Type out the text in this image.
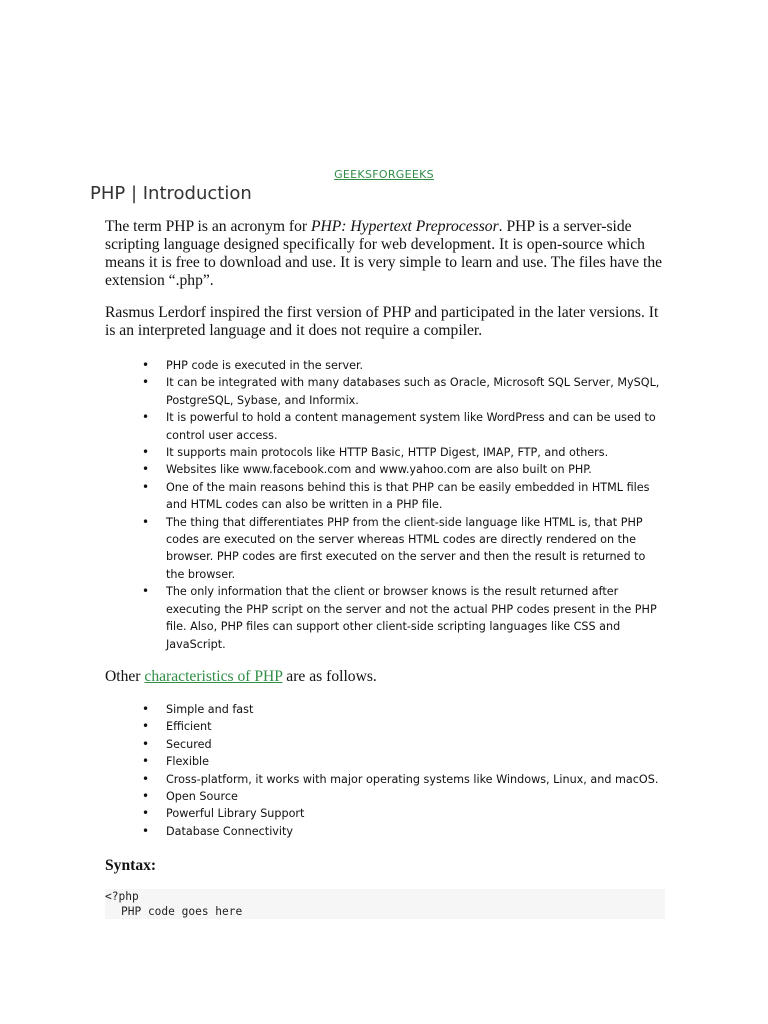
GEEKSFORGEEKS
PHP | Introduction

The term PHP is an acronym for PHP: Hypertext Preprocessor. PHP is a server-side scripting language designed specifically for web development. It is open-source which means it is free to download and use. It is very simple to learn and use. The files have the extension “.php”.

Rasmus Lerdorf inspired the first version of PHP and participated in the later versions. It is an interpreted language and it does not require a compiler.

• PHP code is executed in the server.
• It can be integrated with many databases such as Oracle, Microsoft SQL Server, MySQL, PostgreSQL, Sybase, and Informix.
• It is powerful to hold a content management system like WordPress and can be used to control user access.
• It supports main protocols like HTTP Basic, HTTP Digest, IMAP, FTP, and others.
• Websites like www.facebook.com and www.yahoo.com are also built on PHP.
• One of the main reasons behind this is that PHP can be easily embedded in HTML files and HTML codes can also be written in a PHP file.
• The thing that differentiates PHP from the client-side language like HTML is, that PHP codes are executed on the server whereas HTML codes are directly rendered on the browser. PHP codes are first executed on the server and then the result is returned to the browser.
• The only information that the client or browser knows is the result returned after executing the PHP script on the server and not the actual PHP codes present in the PHP file. Also, PHP files can support other client-side scripting languages like CSS and JavaScript.

Other characteristics of PHP are as follows.

• Simple and fast
• Efficient
• Secured
• Flexible
• Cross-platform, it works with major operating systems like Windows, Linux, and macOS.
• Open Source
• Powerful Library Support
• Database Connectivity

Syntax:

<?php
PHP code goes here
